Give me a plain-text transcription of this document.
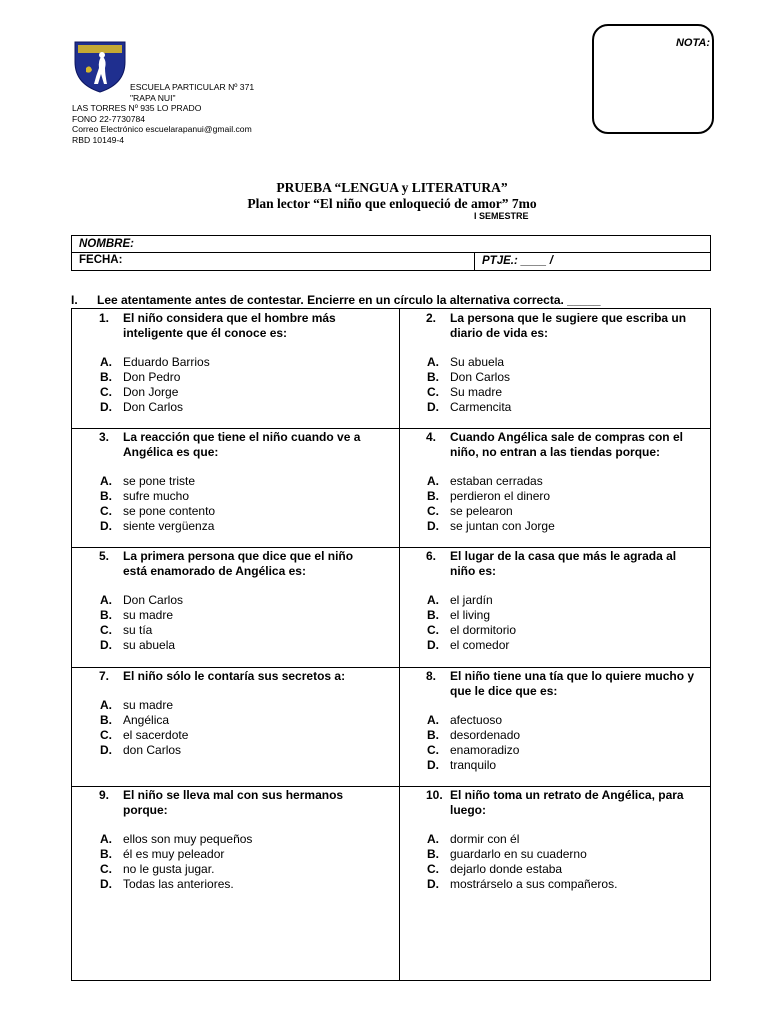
ESCUELA PARTICULAR Nº 371
"RAPA NUI"
LAS TORRES Nº 935 LO PRADO
FONO 22-7730784
Correo Electrónico escuelarapanui@gmail.com
RBD 10149-4
NOTA:
PRUEBA “LENGUA y LITERATURA”
Plan lector “El niño que enloqueció de amor” 7mo
I SEMESTRE
NOMBRE:
FECHA:	PTJE.: ____ /
I. Lee atentamente antes de contestar. Encierre en un círculo la alternativa correcta. _____
1. El niño considera que el hombre más inteligente que él conoce es:
A. Eduardo Barrios
B. Don Pedro
C. Don Jorge
D. Don Carlos
2. La persona que le sugiere que escriba un diario de vida es:
A. Su abuela
B. Don Carlos
C. Su madre
D. Carmencita
3. La reacción que tiene el niño cuando ve a Angélica es que:
A. se pone triste
B. sufre mucho
C. se pone contento
D. siente vergüenza
4. Cuando Angélica sale de compras con el niño, no entran a las tiendas porque:
A. estaban cerradas
B. perdieron el dinero
C. se pelearon
D. se juntan con Jorge
5. La primera persona que dice que el niño está enamorado de Angélica es:
A. Don Carlos
B. su madre
C. su tía
D. su abuela
6. El lugar de la casa que más le agrada al niño es:
A. el jardín
B. el living
C. el dormitorio
D. el comedor
7. El niño sólo le contaría sus secretos a:
A. su madre
B. Angélica
C. el sacerdote
D. don Carlos
8. El niño tiene una tía que lo quiere mucho y que le dice que es:
A. afectuoso
B. desordenado
C. enamoradizo
D. tranquilo
9. El niño se lleva mal con sus hermanos porque:
A. ellos son muy pequeños
B. él es muy peleador
C. no le gusta jugar.
D. Todas las anteriores.
10. El niño toma un retrato de Angélica, para luego:
A. dormir con él
B. guardarlo en su cuaderno
C. dejarlo donde estaba
D. mostrárselo a sus compañeros.
